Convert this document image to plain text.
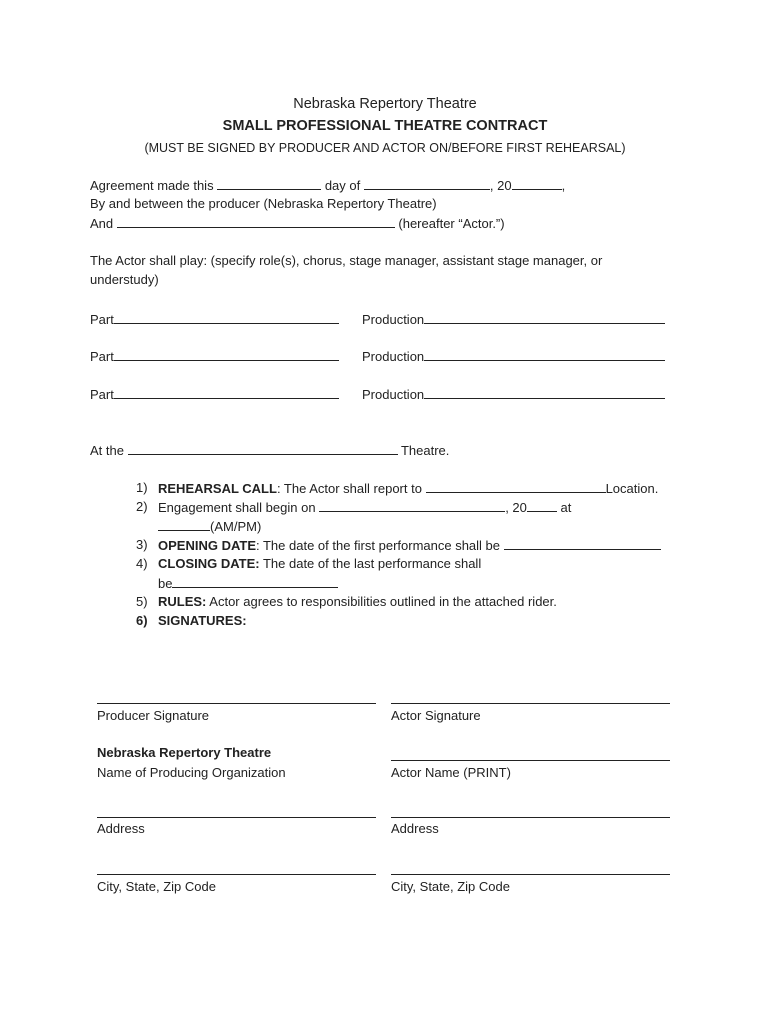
Nebraska Repertory Theatre
SMALL PROFESSIONAL THEATRE CONTRACT
(MUST BE SIGNED BY PRODUCER AND ACTOR ON/BEFORE FIRST REHEARSAL)
Agreement made this	day of	, 20	,
By and between the producer (Nebraska Repertory Theatre)
And	(hereafter “Actor.”)
The Actor shall play: (specify role(s), chorus, stage manager, assistant stage manager, or
understudy)
Part	Production
Part	Production
Part	Production
At the	Theatre.
1) REHEARSAL CALL: The Actor shall report to	Location.
2) Engagement shall begin on	, 20	at
(AM/PM)
3) OPENING DATE: The date of the first performance shall be
4) CLOSING DATE: The date of the last performance shall
be
5) RULES: Actor agrees to responsibilities outlined in the attached rider.
6) SIGNATURES:
Producer Signature	Actor Signature
Nebraska Repertory Theatre
Name of Producing Organization	Actor Name (PRINT)
Address	Address
City, State, Zip Code	City, State, Zip Code
